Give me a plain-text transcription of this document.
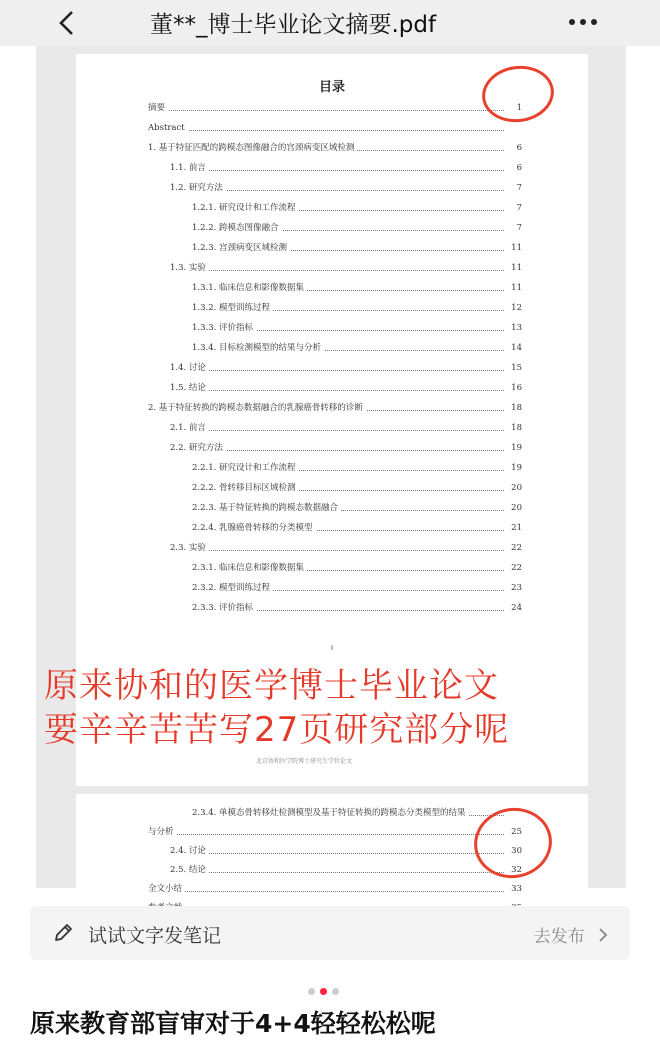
董**_博士毕业论文摘要.pdf
目录
摘要	1
Abstract
1. 基于特征匹配的跨模态图像融合的宫颈病变区域检测	6
1.1. 前言	6
1.2. 研究方法	7
1.2.1. 研究设计和工作流程	7
1.2.2. 跨模态图像融合	7
1.2.3. 宫颈病变区域检测	11
1.3. 实验	11
1.3.1. 临床信息和影像数据集	11
1.3.2. 模型训练过程	12
1.3.3. 评价指标	13
1.3.4. 目标检测模型的结果与分析	14
1.4. 讨论	15
1.5. 结论	16
2. 基于特征转换的跨模态数据融合的乳腺癌骨转移的诊断	18
2.1. 前言	18
2.2. 研究方法	19
2.2.1. 研究设计和工作流程	19
2.2.2. 骨转移目标区域检测	20
2.2.3. 基于特征转换的跨模态数据融合	20
2.2.4. 乳腺癌骨转移的分类模型	21
2.3. 实验	22
2.3.1. 临床信息和影像数据集	22
2.3.2. 模型训练过程	23
2.3.3. 评价指标	24
I
北京协和医学院博士研究生学位论文
2.3.4. 单模态骨转移灶检测模型及基于特征转换的跨模态分类模型的结果
与分析	25
2.4. 讨论	30
2.5. 结论	32
全文小结	33
原来协和的医学博士毕业论文
要辛辛苦苦写27页研究部分呢
试试文字发笔记	去发布
原来教育部盲审对于4+4轻轻松松呢
